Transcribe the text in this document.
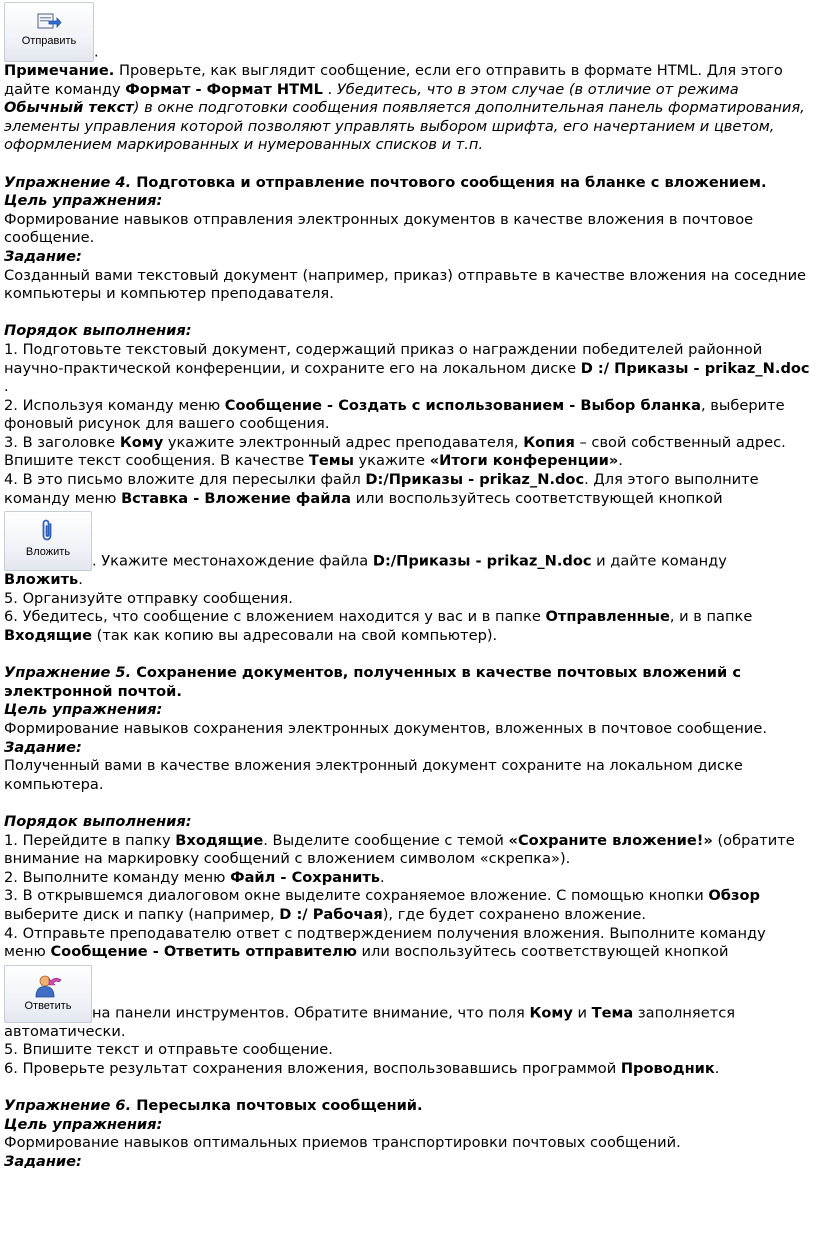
Отправить
.

Примечание. Проверьте, как выглядит сообщение, если его отправить в формате HTML. Для этого дайте команду Формат - Формат HTML . Убедитесь, что в этом случае (в отличие от режима Обычный текст) в окне подготовки сообщения появляется дополнительная панель форматирования, элементы управления которой позволяют управлять выбором шрифта, его начертанием и цветом, оформлением маркированных и нумерованных списков и т.п.

Упражнение 4. Подготовка и отправление почтового сообщения на бланке с вложением.

Цель упражнения:

Формирование навыков отправления электронных документов в качестве вложения в почтовое сообщение.

Задание:

Созданный вами текстовый документ (например, приказ) отправьте в качестве вложения на соседние компьютеры и компьютер преподавателя.

Порядок выполнения:

1. Подготовьте текстовый документ, содержащий приказ о награждении победителей районной научно-практической конференции, и сохраните его на локальном диске D :/ Приказы - prikaz_N.doc .

2. Используя команду меню Сообщение - Создать с использованием - Выбор бланка, выберите фоновый рисунок для вашего сообщения.

3. В заголовке Кому укажите электронный адрес преподавателя, Копия – свой собственный адрес. Впишите текст сообщения. В качестве Темы укажите «Итоги конференции».

4. В это письмо вложите для пересылки файл D:/Приказы - prikaz_N.doc. Для этого выполните команду меню Вставка - Вложение файла или воспользуйтесь соответствующей кнопкой

Вложить
. Укажите местонахождение файла D:/Приказы - prikaz_N.doc и дайте команду Вложить.

5. Организуйте отправку сообщения.

6. Убедитесь, что сообщение с вложением находится у вас и в папке Отправленные, и в папке Входящие (так как копию вы адресовали на свой компьютер).

Упражнение 5. Сохранение документов, полученных в качестве почтовых вложений с электронной почтой.

Цель упражнения:

Формирование навыков сохранения электронных документов, вложенных в почтовое сообщение.

Задание:

Полученный вами в качестве вложения электронный документ сохраните на локальном диске компьютера.

Порядок выполнения:

1. Перейдите в папку Входящие. Выделите сообщение с темой «Сохраните вложение!» (обратите внимание на маркировку сообщений с вложением символом «скрепка»).

2. Выполните команду меню Файл - Сохранить.

3. В открывшемся диалоговом окне выделите сохраняемое вложение. С помощью кнопки Обзор выберите диск и папку (например, D :/ Рабочая), где будет сохранено вложение.

4. Отправьте преподавателю ответ с подтверждением получения вложения. Выполните команду меню Сообщение - Ответить отправителю или воспользуйтесь соответствующей кнопкой

Ответить	на панели инструментов. Обратите внимание, что поля Кому и Тема заполняется автоматически.

5. Впишите текст и отправьте сообщение.

6. Проверьте результат сохранения вложения, воспользовавшись программой Проводник.

Упражнение 6. Пересылка почтовых сообщений.

Цель упражнения:

Формирование навыков оптимальных приемов транспортировки почтовых сообщений.

Задание:
